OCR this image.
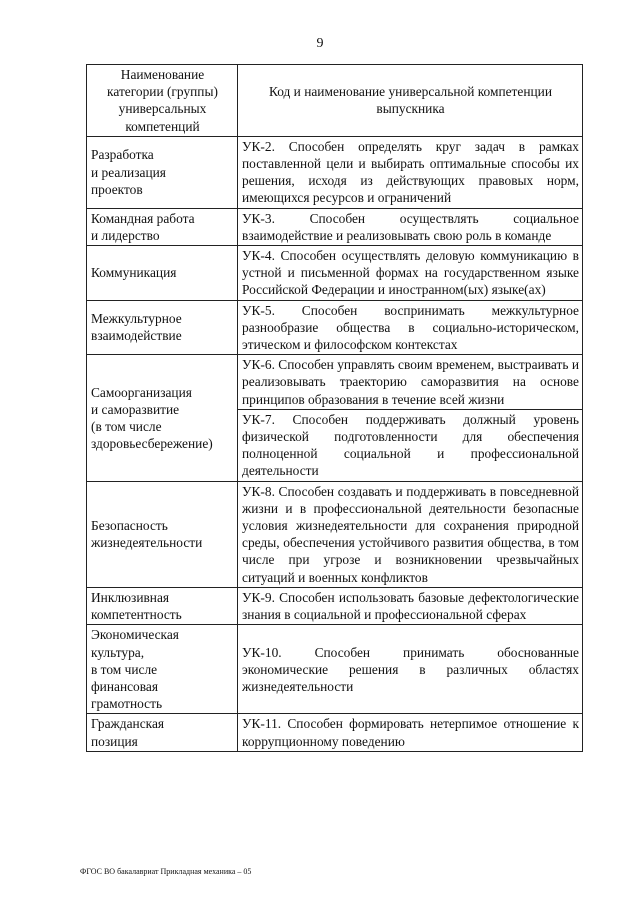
9
Наименование категории (группы) универсальных компетенций	Код и наименование универсальной компетенции выпускника
Разработка
и реализация
проектов	УК-2. Способен определять круг задач в рамках поставленной цели и выбирать оптимальные способы их решения, исходя из действующих правовых норм, имеющихся ресурсов и ограничений
Командная работа
и лидерство	УК-3. Способен осуществлять социальное взаимодействие и реализовывать свою роль в команде
Коммуникация	УК-4. Способен осуществлять деловую коммуникацию в устной и письменной формах на государственном языке Российской Федерации и иностранном(ых) языке(ах)
Межкультурное
взаимодействие	УК-5. Способен воспринимать межкультурное разнообразие общества в социально-историческом, этическом и философском контекстах
Самоорганизация
и саморазвитие
(в том числе
здоровьесбережение)	УК-6. Способен управлять своим временем, выстраивать и реализовывать траекторию саморазвития на основе принципов образования в течение всей жизни
	УК-7. Способен поддерживать должный уровень физической подготовленности для обеспечения полноценной социальной и профессиональной деятельности
Безопасность
жизнедеятельности	УК-8. Способен создавать и поддерживать в повседневной жизни и в профессиональной деятельности безопасные условия жизнедеятельности для сохранения природной среды, обеспечения устойчивого развития общества, в том числе при угрозе и возникновении чрезвычайных ситуаций и военных конфликтов
Инклюзивная
компетентность	УК-9. Способен использовать базовые дефектологические знания в социальной и профессиональной сферах
Экономическая
культура,
в том числе
финансовая
грамотность	УК-10. Способен принимать обоснованные экономические решения в различных областях жизнедеятельности
Гражданская
позиция	УК-11. Способен формировать нетерпимое отношение к коррупционному поведению
ФГОС ВО бакалавриат Прикладная механика – 05
